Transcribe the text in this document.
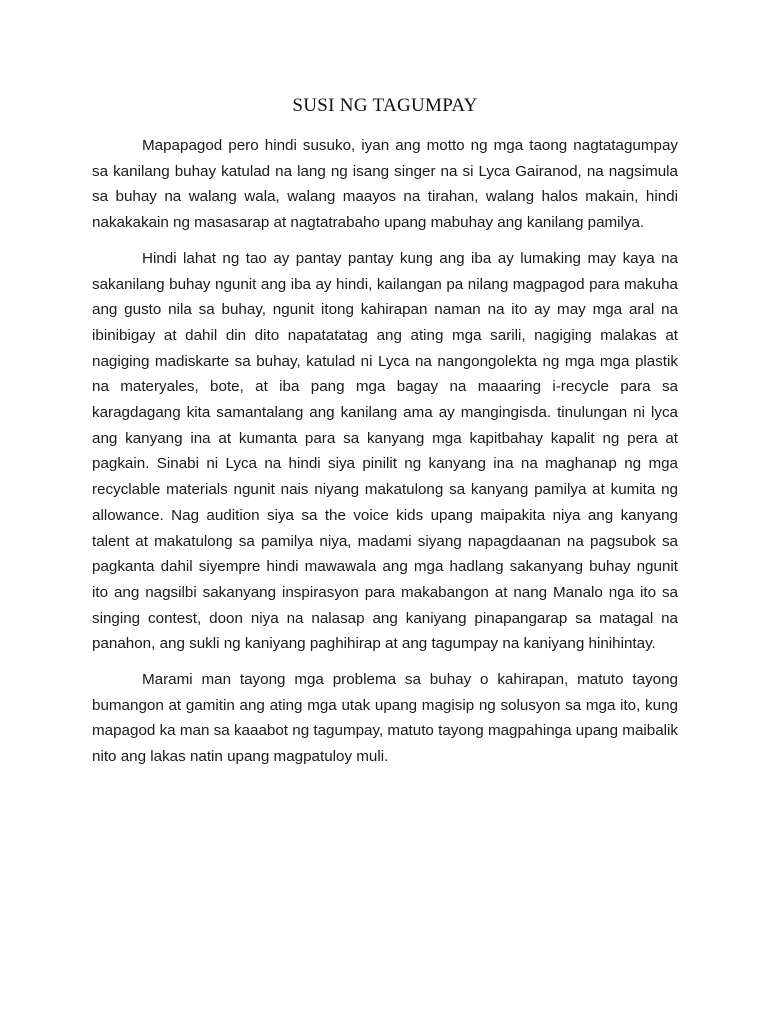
SUSI NG TAGUMPAY

Mapapagod pero hindi susuko, iyan ang motto ng mga taong nagtatagumpay sa kanilang buhay katulad na lang ng isang singer na si Lyca Gairanod, na nagsimula sa buhay na walang wala, walang maayos na tirahan, walang halos makain, hindi nakakakain ng masasarap at nagtatrabaho upang mabuhay ang kanilang pamilya.

Hindi lahat ng tao ay pantay pantay kung ang iba ay lumaking may kaya na sakanilang buhay ngunit ang iba ay hindi, kailangan pa nilang magpagod para makuha ang gusto nila sa buhay, ngunit itong kahirapan naman na ito ay may mga aral na ibinibigay at dahil din dito napatatatag ang ating mga sarili, nagiging malakas at nagiging madiskarte sa buhay, katulad ni Lyca na nangongolekta ng mga mga plastik na materyales, bote, at iba pang mga bagay na maaaring i-recycle para sa karagdagang kita samantalang ang kanilang ama ay mangingisda. tinulungan ni lyca ang kanyang ina at kumanta para sa kanyang mga kapitbahay kapalit ng pera at pagkain. Sinabi ni Lyca na hindi siya pinilit ng kanyang ina na maghanap ng mga recyclable materials ngunit nais niyang makatulong sa kanyang pamilya at kumita ng allowance. Nag audition siya sa the voice kids upang maipakita niya ang kanyang talent at makatulong sa pamilya niya, madami siyang napagdaanan na pagsubok sa pagkanta dahil siyempre hindi mawawala ang mga hadlang sakanyang buhay ngunit ito ang nagsilbi sakanyang inspirasyon para makabangon at nang Manalo nga ito sa singing contest, doon niya na nalasap ang kaniyang pinapangarap sa matagal na panahon, ang sukli ng kaniyang paghihirap at ang tagumpay na kaniyang hinihintay.

Marami man tayong mga problema sa buhay o kahirapan, matuto tayong bumangon at gamitin ang ating mga utak upang magisip ng solusyon sa mga ito, kung mapagod ka man sa kaaabot ng tagumpay, matuto tayong magpahinga upang maibalik nito ang lakas natin upang magpatuloy muli.
